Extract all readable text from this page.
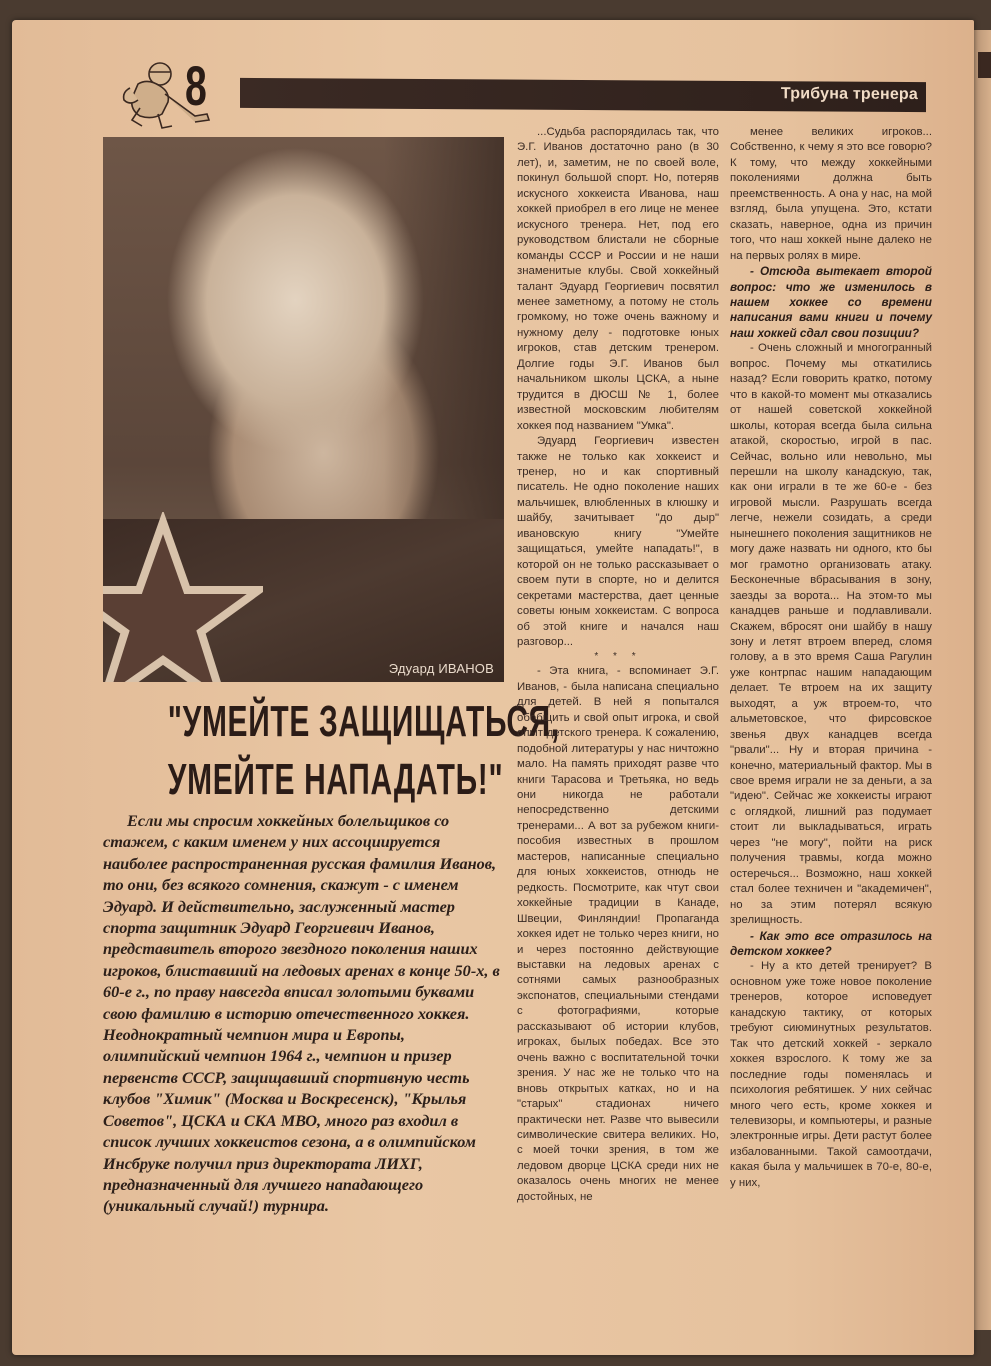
8	Трибуна тренера
Эдуард ИВАНОВ
"УМЕЙТЕ ЗАЩИЩАТЬСЯ,
УМЕЙТЕ НАПАДАТЬ!"

Если мы спросим хоккейных болельщиков со стажем, с каким именем у них ассоциируется наиболее распространенная русская фамилия Иванов, то они, без всякого сомнения, скажут - с именем Эдуард. И действительно, заслуженный мастер спорта защитник Эдуард Георгиевич Иванов, представитель второго звездного поколения наших игроков, блиставший на ледовых аренах в конце 50-х, в 60-е г., по праву навсегда вписал золотыми буквами свою фамилию в историю отечественного хоккея. Неоднократный чемпион мира и Европы, олимпийский чемпион 1964 г., чемпион и призер первенств СССР, защищавший спортивную честь клубов "Химик" (Москва и Воскресенск), "Крылья Советов", ЦСКА и СКА МВО, много раз входил в список лучших хоккеистов сезона, а в олимпийском Инсбруке получил приз директората ЛИХГ, предназначенный для лучшего нападающего (уникальный случай!) турнира.

...Судьба распорядилась так, что Э.Г. Иванов достаточно рано (в 30 лет), и, заметим, не по своей воле, покинул большой спорт. Но, потеряв искусного хоккеиста Иванова, наш хоккей приобрел в его лице не менее искусного тренера. Нет, под его руководством блистали не сборные команды СССР и России и не наши знаменитые клубы. Свой хоккейный талант Эдуард Георгиевич посвятил менее заметному, а потому не столь громкому, но тоже очень важному и нужному делу - подготовке юных игроков, став детским тренером. Долгие годы Э.Г. Иванов был начальником школы ЦСКА, а ныне трудится в ДЮСШ № 1, более известной московским любителям хоккея под названием "Умка".

Эдуард Георгиевич известен также не только как хоккеист и тренер, но и как спортивный писатель. Не одно поколение наших мальчишек, влюбленных в клюшку и шайбу, зачитывает "до дыр" ивановскую книгу "Умейте защищаться, умейте нападать!", в которой он не только рассказывает о своем пути в спорте, но и делится секретами мастерства, дает ценные советы юным хоккеистам. С вопроса об этой книге и начался наш разговор...

* * *

- Эта книга, - вспоминает Э.Г. Иванов, - была написана специально для детей. В ней я попытался обобщить и свой опыт игрока, и свой опыт детского тренера. К сожалению, подобной литературы у нас ничтожно мало. На память приходят разве что книги Тарасова и Третьяка, но ведь они никогда не работали непосредственно детскими тренерами... А вот за рубежом книги-пособия известных в прошлом мастеров, написанные специально для юных хоккеистов, отнюдь не редкость. Посмотрите, как чтут свои хоккейные традиции в Канаде, Швеции, Финляндии! Пропаганда хоккея идет не только через книги, но и через постоянно действующие выставки на ледовых аренах с сотнями самых разнообразных экспонатов, специальными стендами с фотографиями, которые рассказывают об истории клубов, игроках, былых победах. Все это очень важно с воспитательной точки зрения. У нас же не только что на вновь открытых катках, но и на "старых" стадионах ничего практически нет. Разве что вывесили символические свитера великих. Но, с моей точки зрения, в том же ледовом дворце ЦСКА среди них не оказалось очень многих не менее достойных, не

менее великих игроков... Собственно, к чему я это все говорю? К тому, что между хоккейными поколениями должна быть преемственность. А она у нас, на мой взгляд, была упущена. Это, кстати сказать, наверное, одна из причин того, что наш хоккей ныне далеко не на первых ролях в мире.

- Отсюда вытекает второй вопрос: что же изменилось в нашем хоккее со времени написания вами книги и почему наш хоккей сдал свои позиции?

- Очень сложный и многогранный вопрос. Почему мы откатились назад? Если говорить кратко, потому что в какой-то момент мы отказались от нашей советской хоккейной школы, которая всегда была сильна атакой, скоростью, игрой в пас. Сейчас, вольно или невольно, мы перешли на школу канадскую, так, как они играли в те же 60-е - без игровой мысли. Разрушать всегда легче, нежели созидать, а среди нынешнего поколения защитников не могу даже назвать ни одного, кто бы мог грамотно организовать атаку. Бесконечные вбрасывания в зону, заезды за ворота... На этом-то мы канадцев раньше и подлавливали. Скажем, вбросят они шайбу в нашу зону и летят втроем вперед, сломя голову, а в это время Саша Рагулин уже контрпас нашим нападающим делает. Те втроем на их защиту выходят, а уж втроем-то, что альметовское, что фирсовское звенья двух канадцев всегда "рвали"... Ну и вторая причина - конечно, материальный фактор. Мы в свое время играли не за деньги, а за "идею". Сейчас же хоккеисты играют с оглядкой, лишний раз подумает стоит ли выкладываться, играть через "не могу", пойти на риск получения травмы, когда можно остеречься... Возможно, наш хоккей стал более техничен и "академичен", но за этим потерял всякую зрелищность.

- Как это все отразилось на детском хоккее?

- Ну а кто детей тренирует? В основном уже тоже новое поколение тренеров, которое исповедует канадскую тактику, от которых требуют сиюминутных результатов. Так что детский хоккей - зеркало хоккея взрослого. К тому же за последние годы поменялась и психология ребятишек. У них сейчас много чего есть, кроме хоккея и телевизоры, и компьютеры, и разные электронные игры. Дети растут более избалованными. Такой самоотдачи, какая была у мальчишек в 70-е, 80-е, у них,
